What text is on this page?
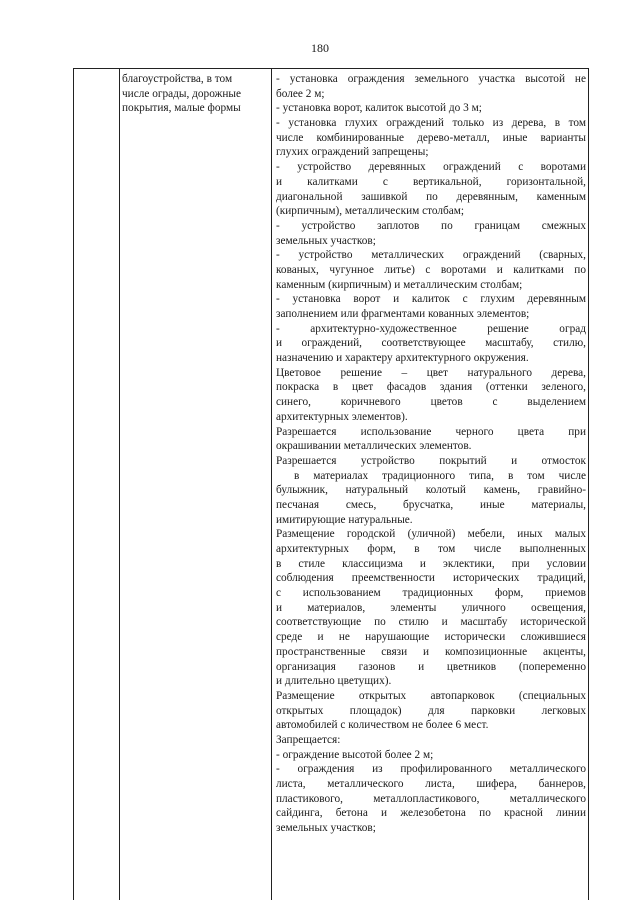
180
благоустройства, в том
числе ограды, дорожные
покрытия, малые формы
- установка ограждения земельного участка высотой не
более 2 м;
- установка ворот, калиток высотой до 3 м;
- установка глухих ограждений только из дерева, в том
числе комбинированные дерево-металл, иные варианты
глухих ограждений запрещены;
- устройство деревянных ограждений с воротами
и калитками с вертикальной, горизонтальной,
диагональной зашивкой по деревянным, каменным
(кирпичным), металлическим столбам;
- устройство заплотов по границам смежных
земельных участков;
- устройство металлических ограждений (сварных,
кованых, чугунное литье) с воротами и калитками по
каменным (кирпичным) и металлическим столбам;
- установка ворот и калиток с глухим деревянным
заполнением или фрагментами кованных элементов;
- архитектурно-художественное решение оград
и ограждений, соответствующее масштабу, стилю,
назначению и характеру архитектурного окружения.
Цветовое решение – цвет натурального дерева,
покраска в цвет фасадов здания (оттенки зеленого,
синего, коричневого цветов с выделением
архитектурных элементов).
Разрешается использование черного цвета при
окрашивании металлических элементов.
Разрешается устройство покрытий и отмосток
в материалах традиционного типа, в том числе
булыжник, натуральный колотый камень, гравийно-
песчаная смесь, брусчатка, иные материалы,
имитирующие натуральные.
Размещение городской (уличной) мебели, иных малых
архитектурных форм, в том числе выполненных
в стиле классицизма и эклектики, при условии
соблюдения преемственности исторических традиций,
с использованием традиционных форм, приемов
и материалов, элементы уличного освещения,
соответствующие по стилю и масштабу исторической
среде и не нарушающие исторически сложившиеся
пространственные связи и композиционные акценты,
организация газонов и цветников (попеременно
и длительно цветущих).
Размещение открытых автопарковок (специальных
открытых площадок) для парковки легковых
автомобилей с количеством не более 6 мест.
Запрещается:
- ограждение высотой более 2 м;
- ограждения из профилированного металлического
листа, металлического листа, шифера, баннеров,
пластикового, металлопластикового, металлического
сайдинга, бетона и железобетона по красной линии
земельных участков;
